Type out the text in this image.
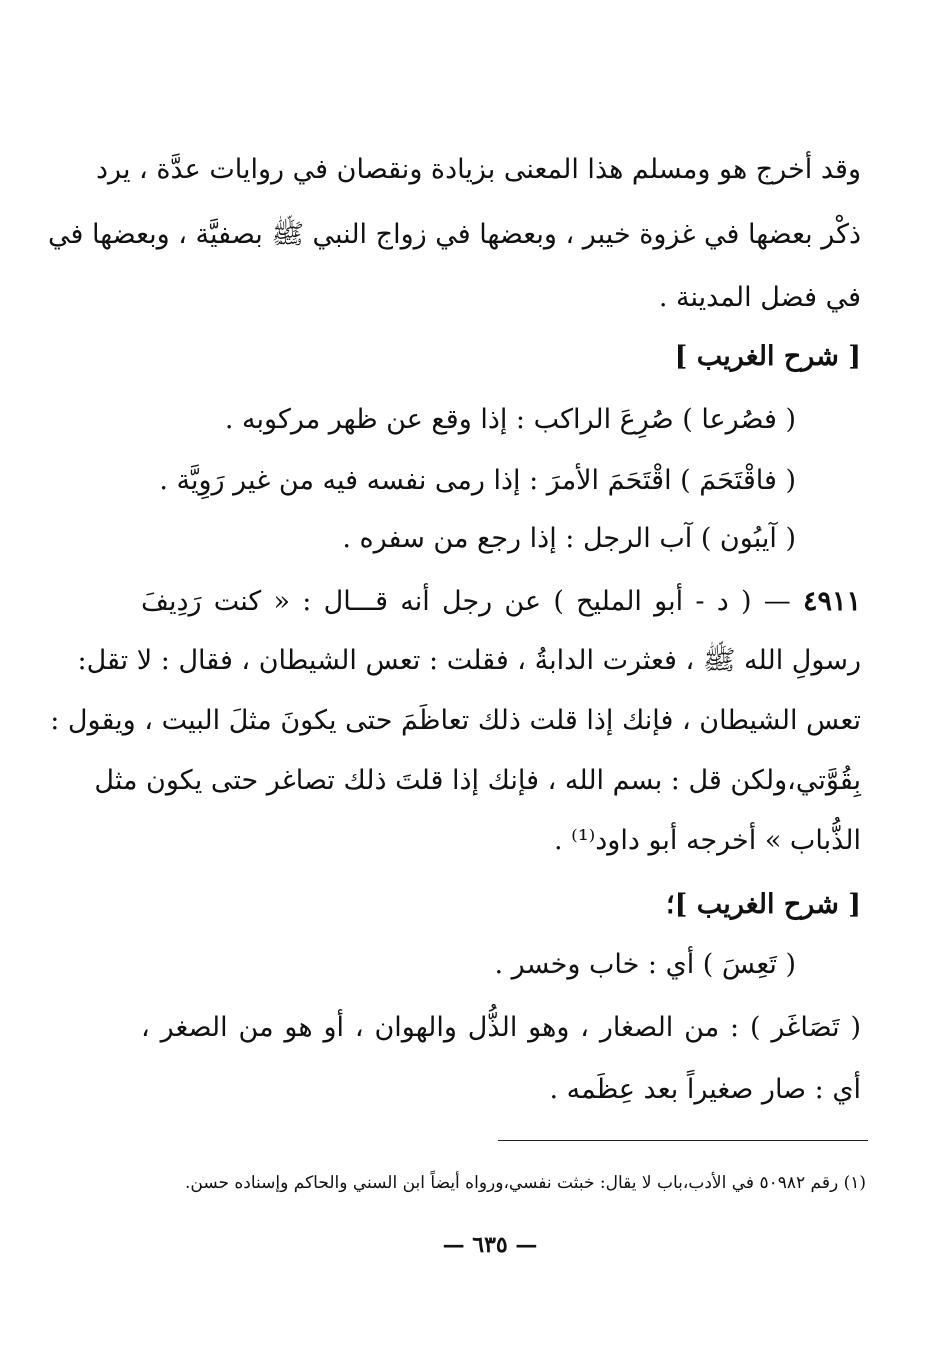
وقد أخرج هو ومسلم هذا المعنى بزيادة ونقصان في روايات عدَّة ، يرد
ذكْر بعضها في غزوة خيبر ، وبعضها في زواج النبي ﷺ بصفيَّة ، وبعضها في
في فضل المدينة .
[ شرح الغريب ]
( فصُرعا ) صُرِعَ الراكب : إذا وقع عن ظهر مركوبه .
( فاقْتَحَمَ ) اقْتَحَمَ الأمرَ : إذا رمى نفسه فيه من غير رَوِيَّة .
( آيبُون ) آب الرجل : إذا رجع من سفره .
٤٩١١ — ( د - أبو المليح ) عن رجل أنه قـــال : « كنت رَدِيفَ
رسولِ الله ﷺ ، فعثرت الدابةُ ، فقلت : تعس الشيطان ، فقال : لا تقل:
تعس الشيطان ، فإنك إذا قلت ذلك تعاظَمَ حتى يكونَ مثلَ البيت ، ويقول :
بِقُوَّتي،ولكن قل : بسم الله ، فإنك إذا قلتَ ذلك تصاغر حتى يكون مثل
الذُّباب » أخرجه أبو داود⁽¹⁾ .
[ شرح الغريب ]؛
( تَعِسَ ) أي : خاب وخسر .
( تَصَاغَر ) : من الصغار ، وهو الذُّل والهوان ، أو هو من الصغر ،
أي : صار صغيراً بعد عِظَمه .
(١) رقم ٥٠٩٨٢ في الأدب،باب لا يقال: خبثت نفسي،ورواه أيضاً ابن السني والحاكم وإسناده حسن.
— ٦٣٥ —
